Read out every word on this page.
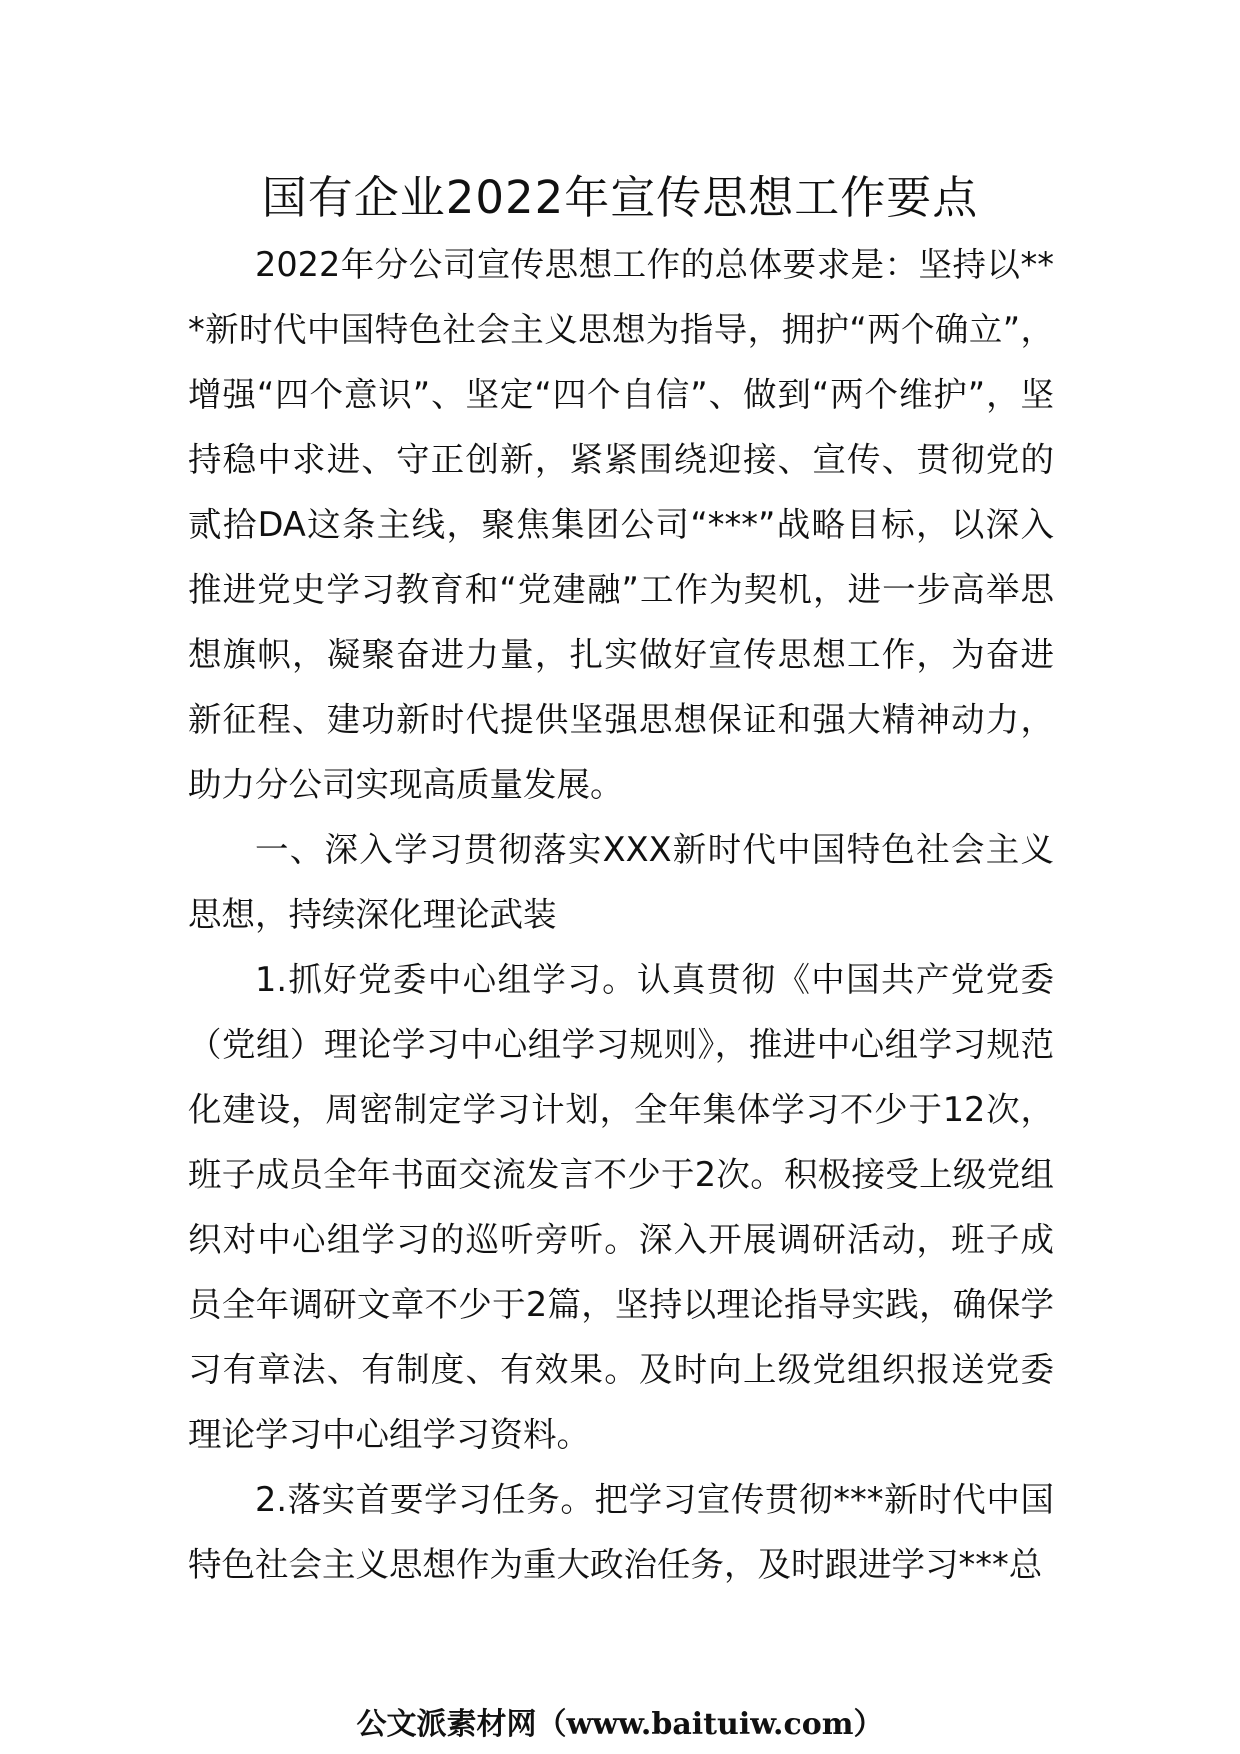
国有企业2022年宣传思想工作要点

2022年分公司宣传思想工作的总体要求是：坚持以***新时代中国特色社会主义思想为指导，拥护“两个确立”，增强“四个意识”、坚定“四个自信”、做到“两个维护”，坚持稳中求进、守正创新，紧紧围绕迎接、宣传、贯彻党的贰拾DA这条主线，聚焦集团公司“***”战略目标，以深入推进党史学习教育和“党建融”工作为契机，进一步高举思想旗帜，凝聚奋进力量，扎实做好宣传思想工作，为奋进新征程、建功新时代提供坚强思想保证和强大精神动力，助力分公司实现高质量发展。

一、深入学习贯彻落实XXX新时代中国特色社会主义思想，持续深化理论武装

1.抓好党委中心组学习。认真贯彻《中国共产党党委（党组）理论学习中心组学习规则》，推进中心组学习规范化建设，周密制定学习计划，全年集体学习不少于12次，班子成员全年书面交流发言不少于2次。积极接受上级党组织对中心组学习的巡听旁听。深入开展调研活动，班子成员全年调研文章不少于2篇，坚持以理论指导实践，确保学习有章法、有制度、有效果。及时向上级党组织报送党委理论学习中心组学习资料。

2.落实首要学习任务。把学习宣传贯彻***新时代中国特色社会主义思想作为重大政治任务，及时跟进学习***总

公文派素材网（www.baituiw.com）
